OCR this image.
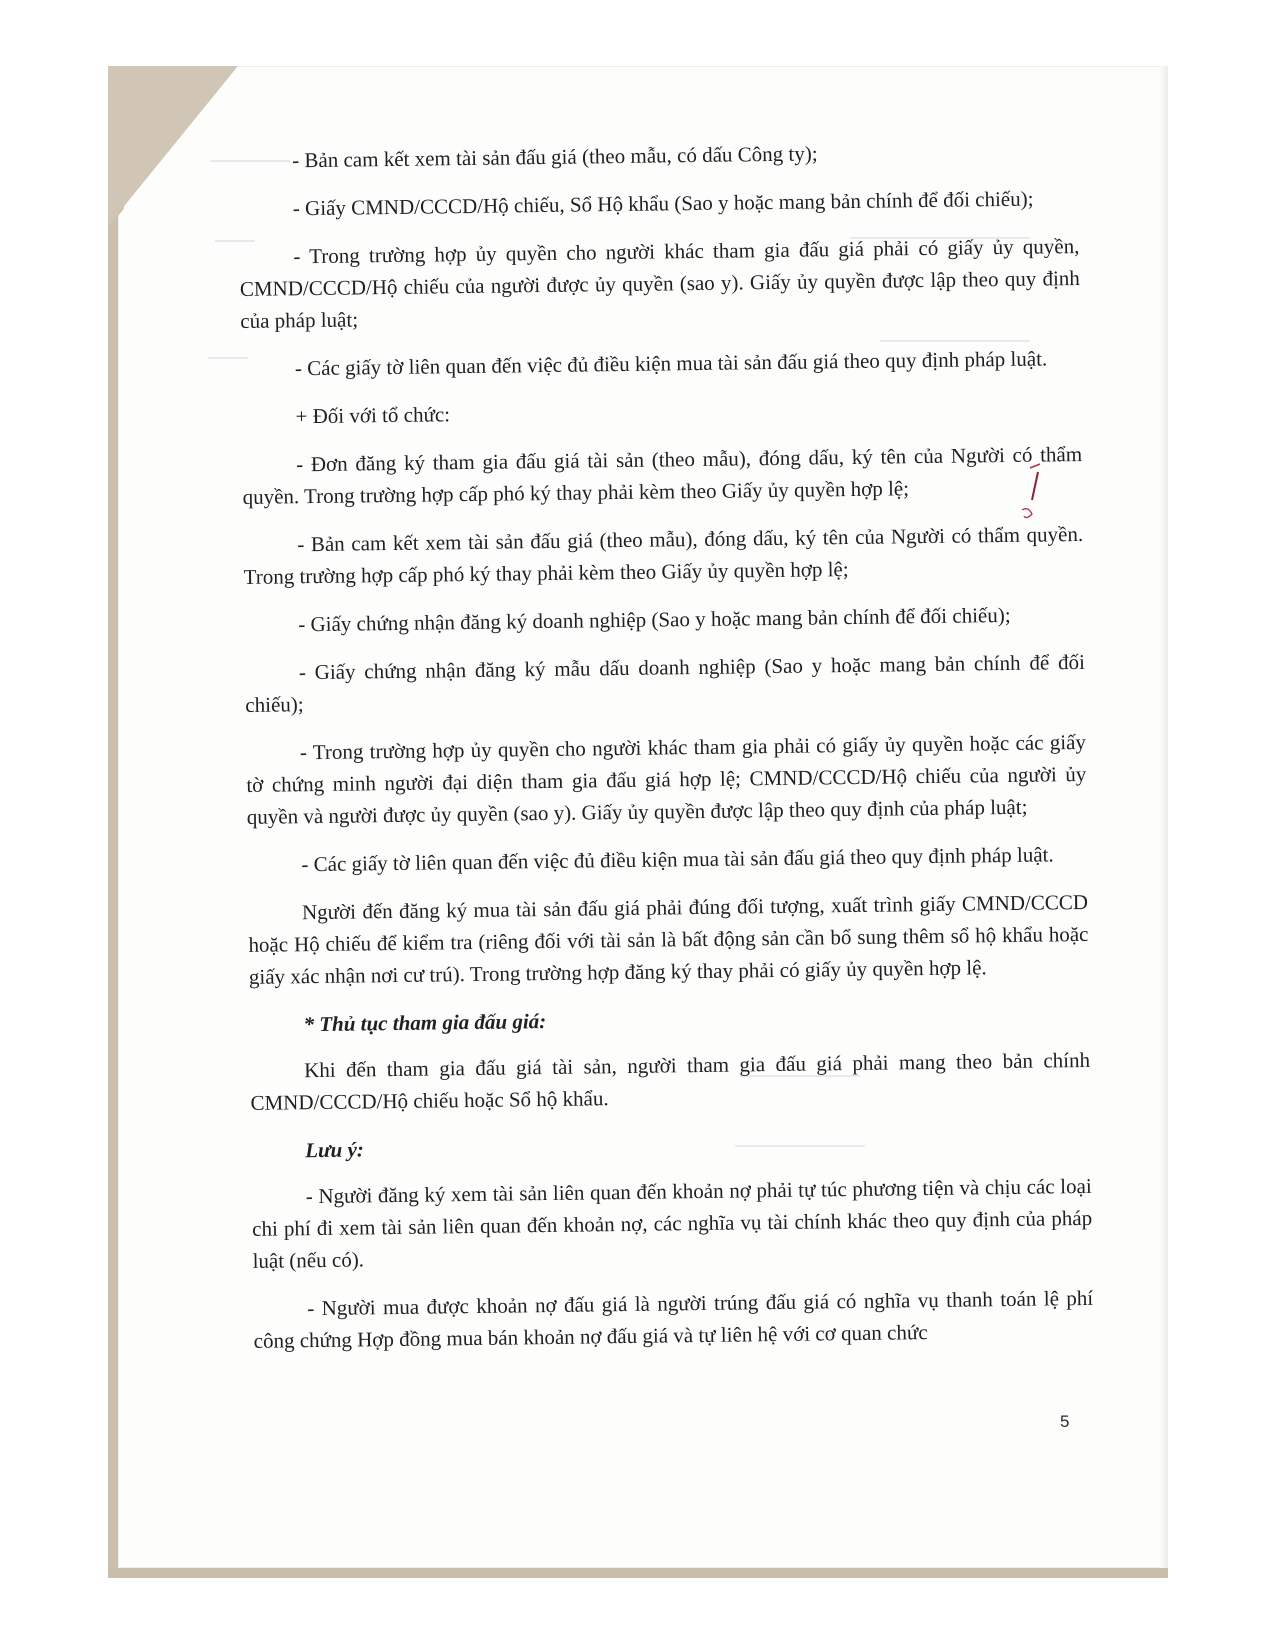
- Bản cam kết xem tài sản đấu giá (theo mẫu, có dấu Công ty);

- Giấy CMND/CCCD/Hộ chiếu, Sổ Hộ khẩu (Sao y hoặc mang bản chính để đối chiếu);

- Trong trường hợp ủy quyền cho người khác tham gia đấu giá phải có giấy ủy quyền, CMND/CCCD/Hộ chiếu của người được ủy quyền (sao y). Giấy ủy quyền được lập theo quy định của pháp luật;

- Các giấy tờ liên quan đến việc đủ điều kiện mua tài sản đấu giá theo quy định pháp luật.

+ Đối với tổ chức:

- Đơn đăng ký tham gia đấu giá tài sản (theo mẫu), đóng dấu, ký tên của Người có thẩm quyền. Trong trường hợp cấp phó ký thay phải kèm theo Giấy ủy quyền hợp lệ;

- Bản cam kết xem tài sản đấu giá (theo mẫu), đóng dấu, ký tên của Người có thẩm quyền. Trong trường hợp cấp phó ký thay phải kèm theo Giấy ủy quyền hợp lệ;

- Giấy chứng nhận đăng ký doanh nghiệp (Sao y hoặc mang bản chính để đối chiếu);

- Giấy chứng nhận đăng ký mẫu dấu doanh nghiệp (Sao y hoặc mang bản chính để đối chiếu);

- Trong trường hợp ủy quyền cho người khác tham gia phải có giấy ủy quyền hoặc các giấy tờ chứng minh người đại diện tham gia đấu giá hợp lệ; CMND/CCCD/Hộ chiếu của người ủy quyền và người được ủy quyền (sao y). Giấy ủy quyền được lập theo quy định của pháp luật;

- Các giấy tờ liên quan đến việc đủ điều kiện mua tài sản đấu giá theo quy định pháp luật.

Người đến đăng ký mua tài sản đấu giá phải đúng đối tượng, xuất trình giấy CMND/CCCD hoặc Hộ chiếu để kiểm tra (riêng đối với tài sản là bất động sản cần bổ sung thêm sổ hộ khẩu hoặc giấy xác nhận nơi cư trú). Trong trường hợp đăng ký thay phải có giấy ủy quyền hợp lệ.

* Thủ tục tham gia đấu giá:

Khi đến tham gia đấu giá tài sản, người tham gia đấu giá phải mang theo bản chính CMND/CCCD/Hộ chiếu hoặc Sổ hộ khẩu.

Lưu ý:

- Người đăng ký xem tài sản liên quan đến khoản nợ phải tự túc phương tiện và chịu các loại chi phí đi xem tài sản liên quan đến khoản nợ, các nghĩa vụ tài chính khác theo quy định của pháp luật (nếu có).

- Người mua được khoản nợ đấu giá là người trúng đấu giá có nghĩa vụ thanh toán lệ phí công chứng Hợp đồng mua bán khoản nợ đấu giá và tự liên hệ với cơ quan chức

5
